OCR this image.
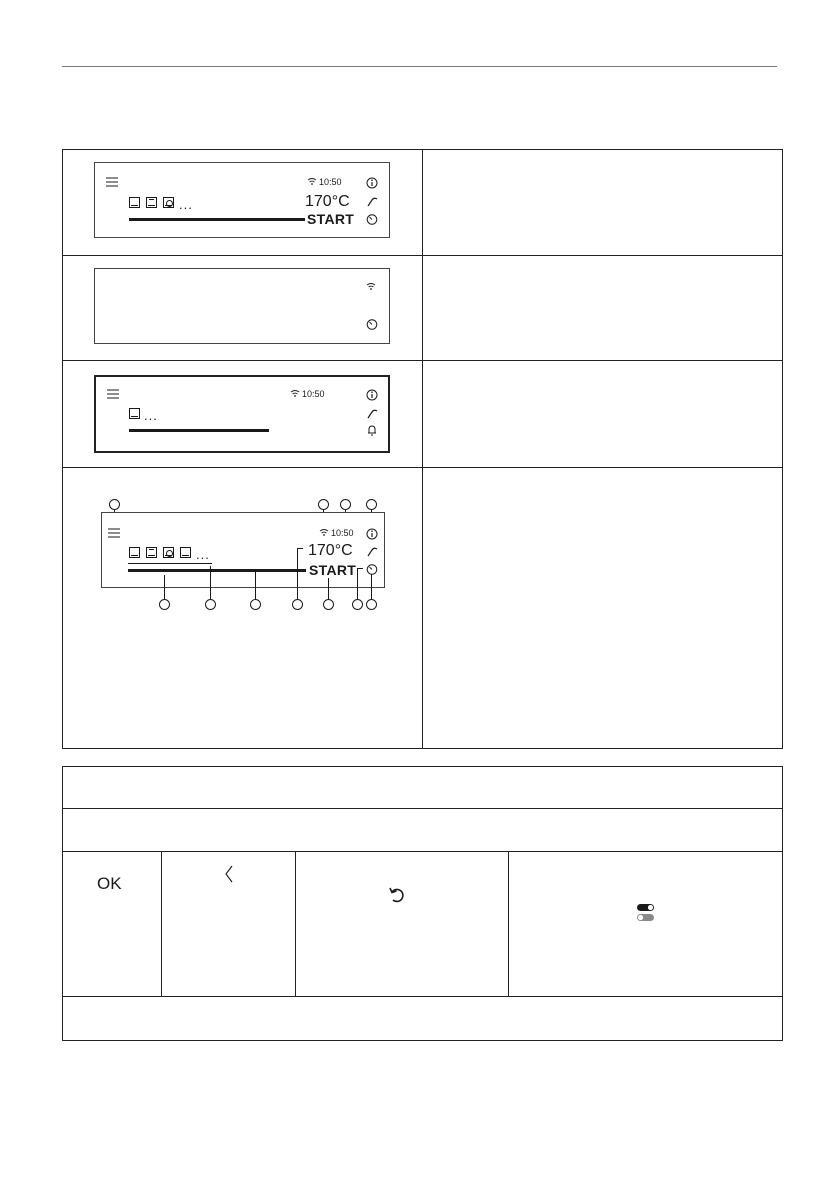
10:50
...	170°C
START
10:50
...
10:50
...	170°C
START
OK
